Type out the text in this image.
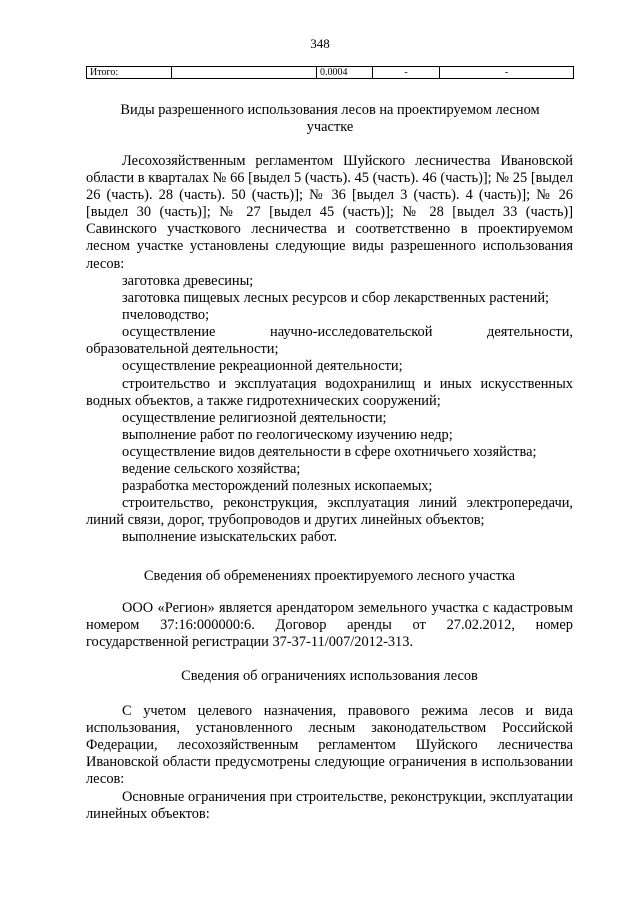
348
Итого:		0.0004	-	-

Виды разрешенного использования лесов на проектируемом лесном участке

Лесохозяйственным регламентом Шуйского лесничества Ивановской области в кварталах № 66 [выдел 5 (часть). 45 (часть). 46 (часть)]; № 25 [выдел 26 (часть). 28 (часть). 50 (часть)]; № 36 [выдел 3 (часть). 4 (часть)]; № 26 [выдел 30 (часть)]; № 27 [выдел 45 (часть)]; № 28 [выдел 33 (часть)] Савинского участкового лесничества и соответственно в проектируемом лесном участке установлены следующие виды разрешенного использования лесов:

заготовка древесины;

заготовка пищевых лесных ресурсов и сбор лекарственных растений;

пчеловодство;

осуществление научно-исследовательской деятельности, образовательной деятельности;

осуществление рекреационной деятельности;

строительство и эксплуатация водохранилищ и иных искусственных водных объектов, а также гидротехнических сооружений;

осуществление религиозной деятельности;

выполнение работ по геологическому изучению недр;

осуществление видов деятельности в сфере охотничьего хозяйства;

ведение сельского хозяйства;

разработка месторождений полезных ископаемых;

строительство, реконструкция, эксплуатация линий электропередачи, линий связи, дорог, трубопроводов и других линейных объектов;

выполнение изыскательских работ.

Сведения об обременениях проектируемого лесного участка

ООО «Регион» является арендатором земельного участка с кадастровым номером 37:16:000000:6. Договор аренды от 27.02.2012, номер государственной регистрации 37-37-11/007/2012-313.

Сведения об ограничениях использования лесов

С учетом целевого назначения, правового режима лесов и вида использования, установленного лесным законодательством Российской Федерации, лесохозяйственным регламентом Шуйского лесничества Ивановской области предусмотрены следующие ограничения в использовании лесов:

Основные ограничения при строительстве, реконструкции, эксплуатации линейных объектов:
